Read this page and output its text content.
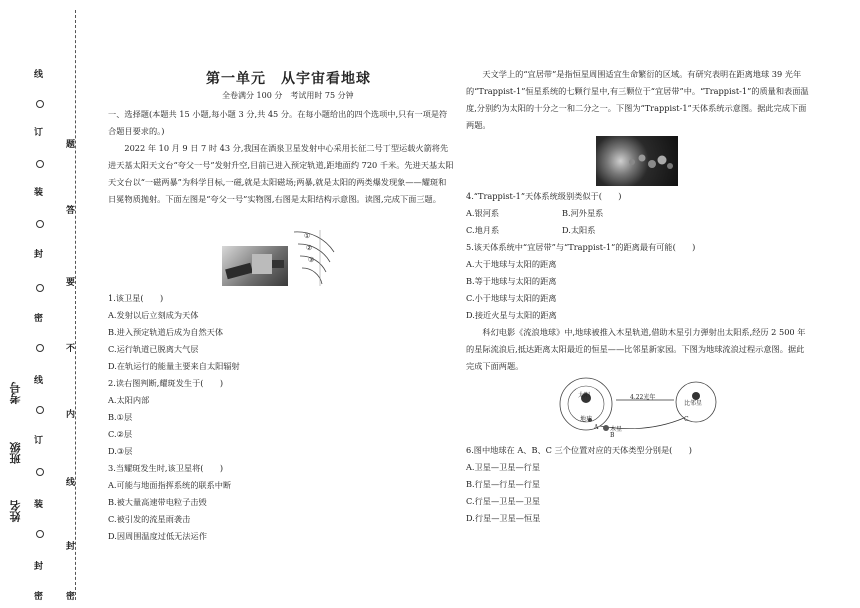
线
订
装
封
密
线
订
装
封
密
题
答
要
不
内
线
封
密
考号
班级
姓名
第一单元　从宇宙看地球
全卷满分 100 分　考试用时 75 分钟

一、选择题(本题共 15 小题,每小题 3 分,共 45 分。在每小题给出的四个选项中,只有一项是符合题目要求的。)

2022 年 10 月 9 日 7 时 43 分,我国在酒泉卫星发射中心采用长征二号丁型运载火箭将先进天基太阳天文台“夸父一号”发射升空,目前已进入预定轨道,距地面约 720 千米。先进天基太阳天文台以“一磁两暴”为科学目标,一磁,就是太阳磁场;两暴,就是太阳的两类爆发现象——耀斑和日冕物质抛射。下面左图是“夸父一号”实物图,右图是太阳结构示意图。读图,完成下面三题。

①
②
③

1.该卫星(　　)

A.发射以后立刻成为天体

B.进入预定轨道后成为自然天体

C.运行轨道已脱离大气层

D.在轨运行的能量主要来自太阳辐射

2.读右图判断,耀斑发生于(　　)

A.太阳内部

B.①层

C.②层

D.③层

3.当耀斑发生时,该卫星将(　　)

A.可能与地面指挥系统的联系中断

B.被大量高速带电粒子击毁

C.被引发的流星雨袭击

D.因周围温度过低无法运作

天文学上的“宜居带”是指恒星周围适宜生命繁衍的区域。有研究表明在距离地球 39 光年的“Trappist-1”恒星系统的七颗行星中,有三颗位于“宜居带”中。“Trappist-1”的质量和表面温度,分别约为太阳的十分之一和二分之一。下图为“Trappist-1”天体系统示意图。据此完成下面两题。

4.“Trappist-1”天体系统级别类似于(　　)

A.银河系	B.河外星系
C.地月系	D.太阳系

5.该天体系统中“宜居带”与“Trappist-1”的距离最有可能(　　)

A.大于地球与太阳的距离

B.等于地球与太阳的距离

C.小于地球与太阳的距离

D.接近火星与太阳的距离

科幻电影《流浪地球》中,地球被推入木星轨道,借助木星引力弹射出太阳系,经历 2 500 年的星际流浪后,抵达距离太阳最近的恒星——比邻星新家园。下图为地球流浪过程示意图。据此完成下面两题。

太阳
地球
木星
比邻星
4.22光年
A
B
C

6.图中地球在 A、B、C 三个位置对应的天体类型分别是(　　)

A.卫星—卫星—行星

B.行星—行星—行星

C.行星—卫星—卫星

D.行星—卫星—恒星
